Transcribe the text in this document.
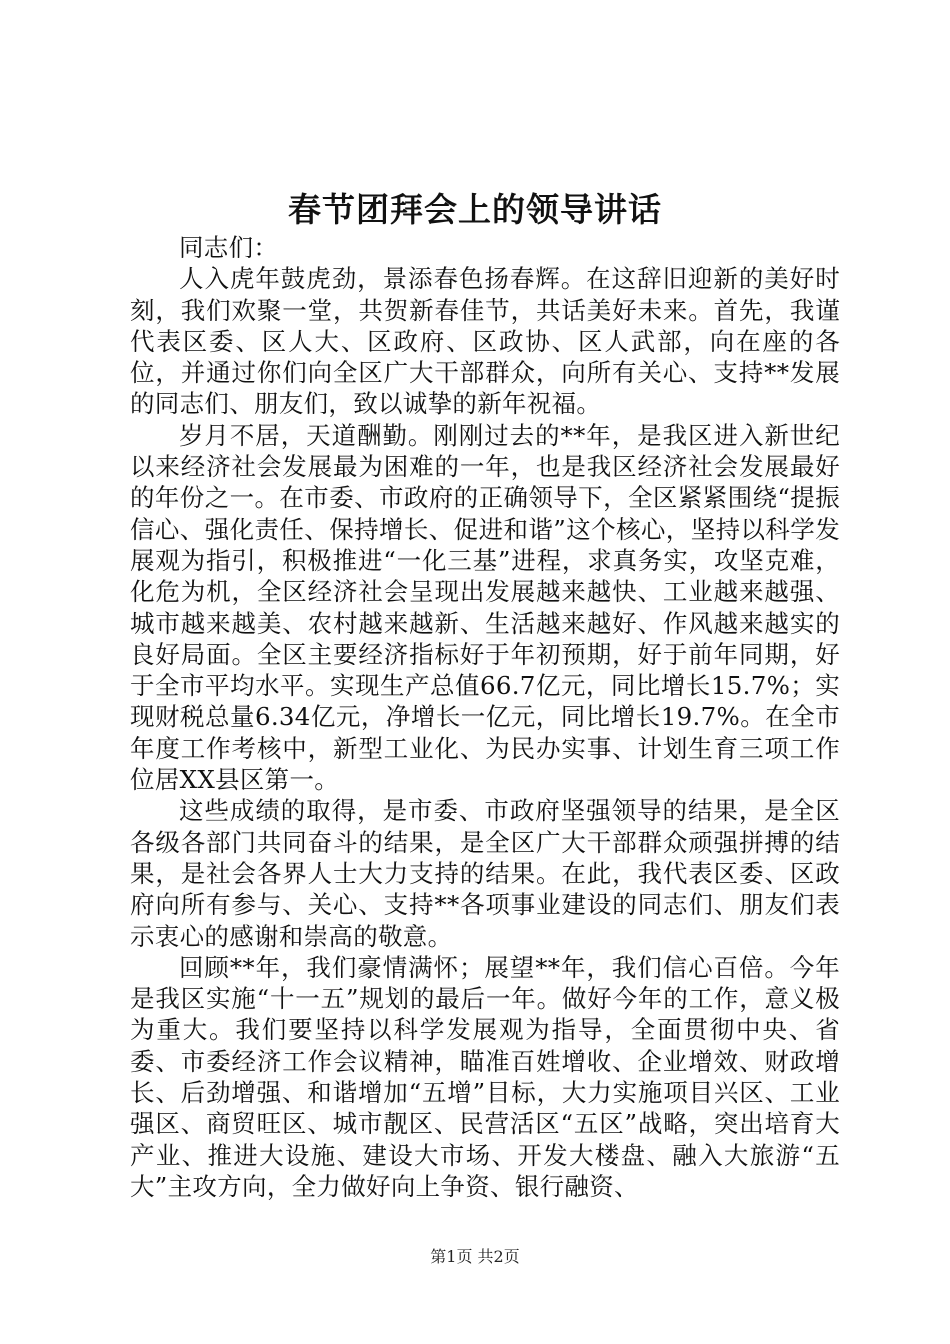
春节团拜会上的领导讲话

同志们：

人入虎年鼓虎劲，景添春色扬春辉。在这辞旧迎新的美好时刻，我们欢聚一堂，共贺新春佳节，共话美好未来。首先，我谨代表区委、区人大、区政府、区政协、区人武部，向在座的各位，并通过你们向全区广大干部群众，向所有关心、支持**发展的同志们、朋友们，致以诚挚的新年祝福。

岁月不居，天道酬勤。刚刚过去的**年，是我区进入新世纪以来经济社会发展最为困难的一年，也是我区经济社会发展最好的年份之一。在市委、市政府的正确领导下，全区紧紧围绕“提振信心、强化责任、保持增长、促进和谐”这个核心，坚持以科学发展观为指引，积极推进“一化三基”进程，求真务实，攻坚克难，化危为机，全区经济社会呈现出发展越来越快、工业越来越强、城市越来越美、农村越来越新、生活越来越好、作风越来越实的良好局面。全区主要经济指标好于年初预期，好于前年同期，好于全市平均水平。实现生产总值66.7亿元，同比增长15.7%；实现财税总量6.34亿元，净增长一亿元，同比增长19.7%。在全市年度工作考核中，新型工业化、为民办实事、计划生育三项工作位居XX县区第一。

这些成绩的取得，是市委、市政府坚强领导的结果，是全区各级各部门共同奋斗的结果，是全区广大干部群众顽强拼搏的结果，是社会各界人士大力支持的结果。在此，我代表区委、区政府向所有参与、关心、支持**各项事业建设的同志们、朋友们表示衷心的感谢和崇高的敬意。

回顾**年，我们豪情满怀；展望**年，我们信心百倍。今年是我区实施“十一五”规划的最后一年。做好今年的工作，意义极为重大。我们要坚持以科学发展观为指导，全面贯彻中央、省委、市委经济工作会议精神，瞄准百姓增收、企业增效、财政增长、后劲增强、和谐增加“五增”目标，大力实施项目兴区、工业强区、商贸旺区、城市靓区、民营活区“五区”战略，突出培育大产业、推进大设施、建设大市场、开发大楼盘、融入大旅游“五大”主攻方向，全力做好向上争资、银行融资、

第1页 共2页
